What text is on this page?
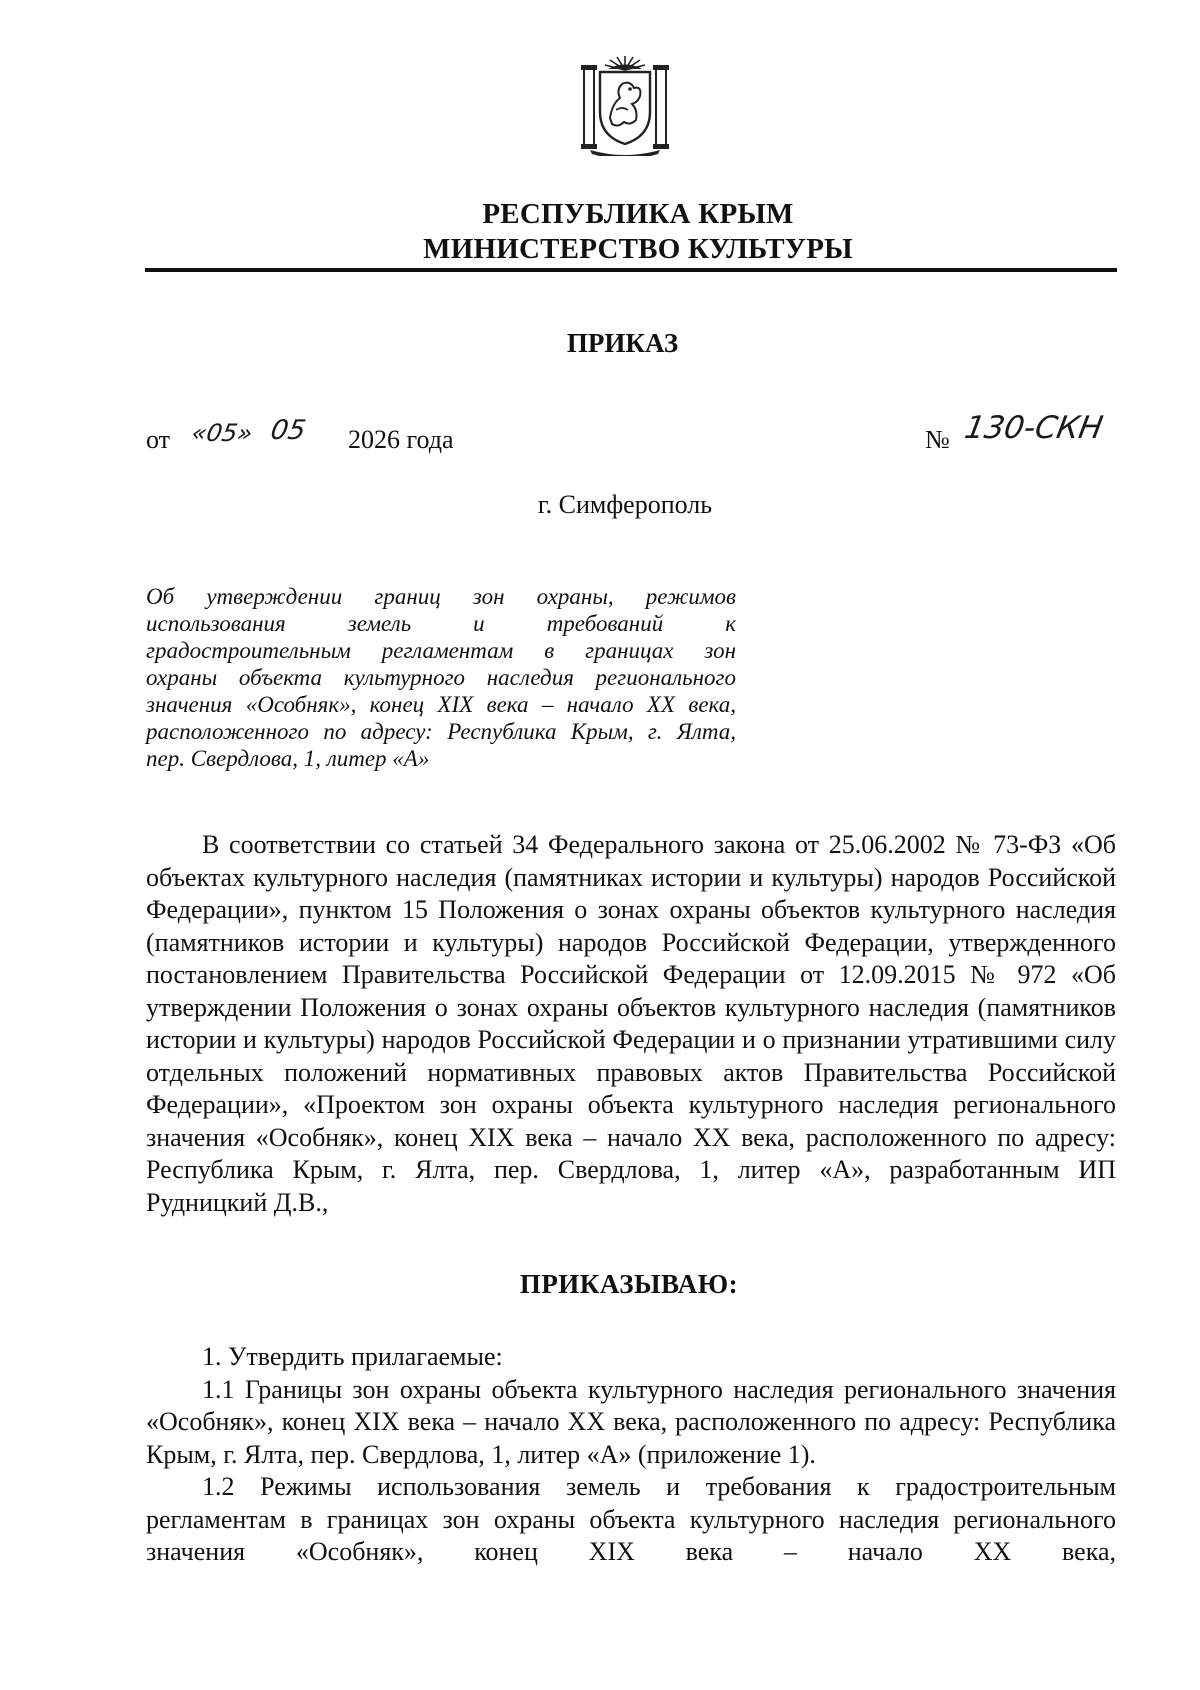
РЕСПУБЛИКА КРЫМ
МИНИСТЕРСТВО КУЛЬТУРЫ
ПРИКАЗ
от «05» 05 2026 года	№ 130-СКН
г. Симферополь
Об утверждении границ зон охраны, режимов
использования земель и требований к
градостроительным регламентам в границах зон
охраны объекта культурного наследия регионального
значения «Особняк», конец XIX века – начало XX века,
расположенного по адресу: Республика Крым, г. Ялта,
пер. Свердлова, 1, литер «А»

В соответствии со статьей 34 Федерального закона от 25.06.2002 № 73-ФЗ «Об объектах культурного наследия (памятниках истории и культуры) народов Российской Федерации», пунктом 15 Положения о зонах охраны объектов культурного наследия (памятников истории и культуры) народов Российской Федерации, утвержденного постановлением Правительства Российской Федерации от 12.09.2015 № 972 «Об утверждении Положения о зонах охраны объектов культурного наследия (памятников истории и культуры) народов Российской Федерации и о признании утратившими силу отдельных положений нормативных правовых актов Правительства Российской Федерации», «Проектом зон охраны объекта культурного наследия регионального значения «Особняк», конец XIX века – начало XX века, расположенного по адресу: Республика Крым, г. Ялта, пер. Свердлова, 1, литер «А», разработанным ИП Рудницкий Д.В.,

ПРИКАЗЫВАЮ:

1. Утвердить прилагаемые:

1.1 Границы зон охраны объекта культурного наследия регионального значения «Особняк», конец XIX века – начало XX века, расположенного по адресу: Республика Крым, г. Ялта, пер. Свердлова, 1, литер «А» (приложение 1).

1.2 Режимы использования земель и требования к градостроительным регламентам в границах зон охраны объекта культурного наследия регионального значения «Особняк», конец XIX века – начало XX века,
